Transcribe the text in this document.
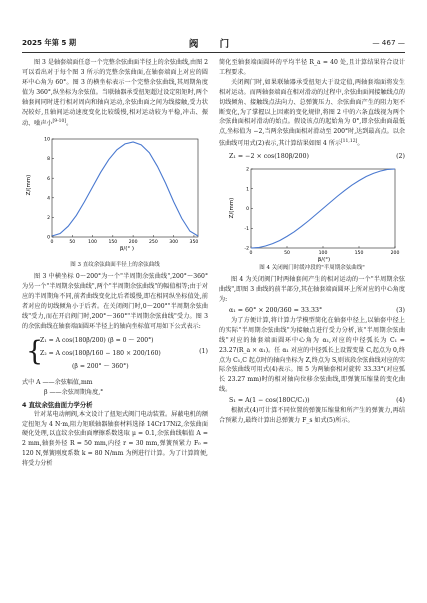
2025 年第 5 期	阀 门	— 467 —

图 3 是轴套端面任意一个完整余弦曲面半径上的余弦曲线,由图 2 可以看出对于每个图 3 所示的完整余弦曲面,在轴套端面上对应的圆环中心角为 60°。图 3 的横坐标表示一个完整余弦曲线,其周期角度值为 360°,纵坐标为余弦值。当联轴器承受扭矩超过设定阻矩时,两个轴套间同时进行相对周向和轴向运动,余弦曲面之间为线接触,受力状况较好,且轴间运动速度变化比较缓慢,相对运动较为平稳,冲击、振动、噪声小[9-10]。

0	50	100 150 200 250 300 350
0
2
4
6
8
10
Z/(mm)
β/(° )

图 3 直纹余弦曲面半径上的余弦曲线

图 3 中横坐标 0～200°为一个"半周期余弦曲线",200°～360°为另一个"半周期余弦曲线",两个"半周期余弦曲线"的幅值相等;由于对应的半周期角不同,前者曲线变化比后者缓慢,即在相同纵坐标值处,前者对应的切线倾角小于后者。在关闭阀门时,0～200°"半周期余弦曲线"受力,而在开启阀门时,200°～360°"半周期余弦曲线"受力。图 3 的余弦曲线在轴套端面圆环半径上的轴向坐标值可用如下公式表示:

{
Z₁ = A cos(180β/200) (β = 0 ～ 200°)
Z₂ = A cos(180β/160 − 180 × 200/160)
(β = 200° ～ 360°)
(1)

式中 A ——余弦幅值,mm

β ——余弦周期角度,°

4 直纹余弦曲面力学分析

针对某电动闸阀,本文设计了扭矩式阀门电动装置。屏蔽电机的额定扭矩为 4 N·m,阻力矩联轴器轴套材料选择 14Cr17Ni2,余弦曲面硬化处理,以直纹余弦曲面摩擦系数选取 μ = 0.1,余弦曲线幅值 A = 2 mm,轴套外径 R = 50 mm,内径 r = 30 mm,弹簧预紧力 F₀ = 120 N,弹簧刚度系数 k = 80 N/mm 为例进行计算。为了计算简便,将受力分析

简化至轴套端面圆环的平均半径 R_a = 40 处,且计算结果符合设计工程要求。

关闭阀门时,如果联轴器承受扭矩大于设定值,两轴套端面将发生相对运动。而两轴套端面在相对滑动的过程中,余弦曲面间接触线点的切线倾角、接触线点法向力、总弹簧压力、余弦曲面产生的阻力矩不断变化,为了掌握以上因素的变化规律,将图 2 中的六条直线视为两个余弦曲面相对滑动的始点。假设该点的起始角为 0°,即余弦曲面最低点,坐标值为 −2,当两余弦曲面相对滑动至 200°时,达到最高点。以余弦曲线可用式(2)表示,其计算结果如图 4 所示[11,12]。

Z₁ = −2 × cos(180β/200)	(2)
0	50	100	150	200
-2
-1
0
1
2
Z/(mm)
β/(°)

图 4 关闭阀门时缓冲段的"半周期余弦曲线"

图 4 为关闭阀门时两轴套间产生的相对运动的一个"半周期余弦曲线",即图 3 曲线的前半部分,其在轴套端面圆环上所对应的中心角度为:

α₁ = 60° × 200/360 = 33.33°	(3)

为了方便计算,将计算力学模型简化在轴套中径上,以轴套中径上的实际"半周期余弦曲线"为接触点进行受力分析,该"半周期余弦曲线"对应的轴套端面圆环中心角为 α₁,对应的中径弧长为 C₁ = 23.27(R_a × α₁)。任 α₁ 对应的中径弧长上设置变量 C,起点为 0,终点为 C₁,C 起点时的轴向坐标为 Z,终点为 S,则该段余弦曲线对应的实际余弦曲线可用式(4)表示。图 5 为两轴套相对旋转 33.33°(对应弧长 23.27 mm)时的相对轴向位移余弦曲线,即弹簧压缩量的变化曲线。

S₁ = A(1 − cos(180C/C₁))	(4)

根据式(4)可计算不同位置的弹簧压缩量和所产生的弹簧力,再结合预紧力,最终计算出总弹簧力 F_s 如式(5)所示。
